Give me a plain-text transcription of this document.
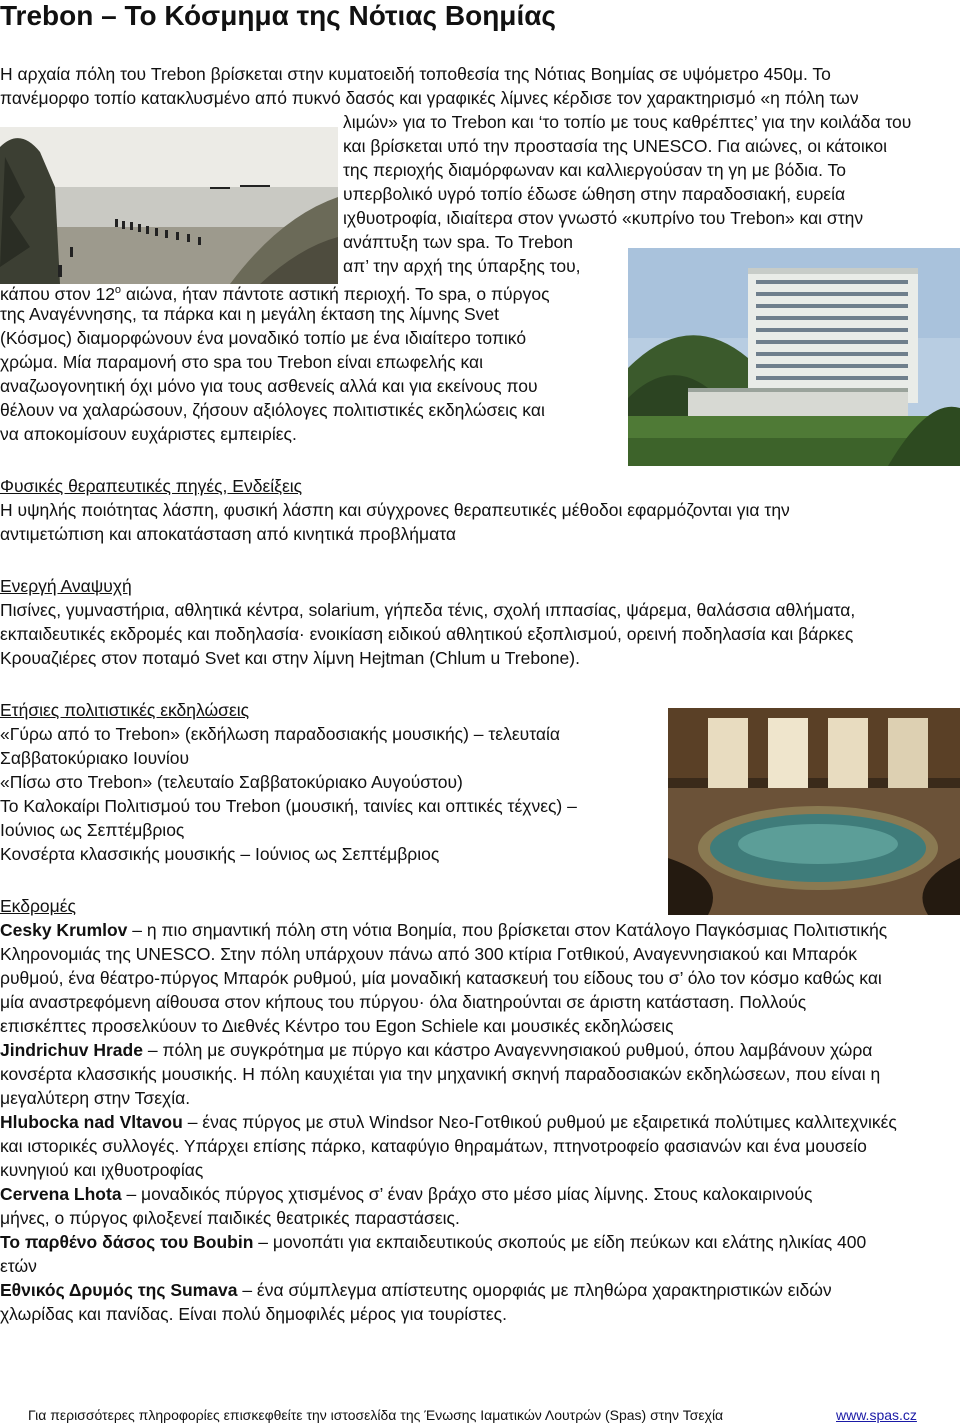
Trebon – Το Κόσμημα της Νότιας Βοημίας
Η αρχαία πόλη του Trebon βρίσκεται στην κυματοειδή τοποθεσία της Νότιας Βοημίας σε υψόμετρο 450μ. Το
πανέμορφο τοπίο κατακλυσμένο από πυκνό δασός και γραφικές λίμνες κέρδισε τον χαρακτηρισμό «η πόλη των
λιμών» για το Trebon και ‘το τοπίο με τους καθρέπτες’ για την κοιλάδα του
και βρίσκεται υπό την προστασία της UNESCO. Για αιώνες, οι κάτοικοι
της περιοχής διαμόρφωναν και καλλιεργούσαν τη γη με βόδια. Το
υπερβολικό υγρό τοπίο έδωσε ώθηση στην παραδοσιακή, ευρεία
ιχθυοτροφία, ιδιαίτερα στον γνωστό «κυπρίνο του Trebon» και στην
ανάπτυξη των spa. Το Trebon
απ’ την αρχή της ύπαρξης του,
κάπου στον $12^o$ αιώνα, ήταν πάντοτε αστική περιοχή. Το spa, ο πύργος
της Αναγέννησης, τα πάρκα και η μεγάλη έκταση της λίμνης Svet
(Κόσμος) διαμορφώνουν ένα μοναδικό τοπίο με ένα ιδιαίτερο τοπικό
χρώμα. Μία παραμονή στο spa του Trebon είναι επωφελής και
αναζωογονητική όχι μόνο για τους ασθενείς αλλά και για εκείνους που
θέλουν να χαλαρώσουν, ζήσουν αξιόλογες πολιτιστικές εκδηλώσεις και
να αποκομίσουν ευχάριστες εμπειρίες.
Φυσικές θεραπευτικές πηγές, Ενδείξεις
Η υψηλής ποιότητας λάσπη, φυσική λάσπη και σύγχρονες θεραπευτικές μέθοδοι εφαρμόζονται για την
αντιμετώπιση και αποκατάσταση από κινητικά προβλήματα
Ενεργή Αναψυχή
Πισίνες, γυμναστήρια, αθλητικά κέντρα, solarium, γήπεδα τένις, σχολή ιππασίας, ψάρεμα, θαλάσσια αθλήματα,
εκπαιδευτικές εκδρομές και ποδηλασία· ενοικίαση ειδικού αθλητικού εξοπλισμού, ορεινή ποδηλασία και βάρκες
Κρουαζιέρες στον ποταμό Svet και στην λίμνη Hejtman (Chlum u Trebone).
Ετήσιες πολιτιστικές εκδηλώσεις
«Γύρω από το Trebon» (εκδήλωση παραδοσιακής μουσικής) – τελευταία
Σαββατοκύριακο Ιουνίου
«Πίσω στο Trebon» (τελευταίο Σαββατοκύριακο Αυγούστου)
Το Καλοκαίρι Πολιτισμού του Trebon (μουσική, ταινίες και οπτικές τέχνες) –
Ιούνιος ως Σεπτέμβριος
Κονσέρτα κλασσικής μουσικής – Ιούνιος ως Σεπτέμβριος
Εκδρομές
Cesky Krumlov – η πιο σημαντική πόλη στη νότια Βοημία, που βρίσκεται στον Κατάλογο Παγκόσμιας Πολιτιστικής
Κληρονομιάς της UNESCO. Στην πόλη υπάρχουν πάνω από 300 κτίρια Γοτθικού, Αναγεννησιακού και Μπαρόκ
ρυθμού, ένα θέατρο-πύργος Μπαρόκ ρυθμού, μία μοναδική κατασκευή του είδους του σ’ όλο τον κόσμο καθώς και
μία αναστρεφόμενη αίθουσα στον κήπους του πύργου· όλα διατηρούνται σε άριστη κατάσταση. Πολλούς
επισκέπτες προσελκύουν το Διεθνές Κέντρο του Egon Schiele και μουσικές εκδηλώσεις
Jindrichuv Hrade – πόλη με συγκρότημα με πύργο και κάστρο Αναγεννησιακού ρυθμού, όπου λαμβάνουν χώρα
κονσέρτα κλασσικής μουσικής. Η πόλη καυχιέται για την μηχανική σκηνή παραδοσιακών εκδηλώσεων, που είναι η
μεγαλύτερη στην Τσεχία.
Hlubocka nad Vltavou – ένας πύργος με στυλ Windsor Νεο-Γοτθικού ρυθμού με εξαιρετικά πολύτιμες καλλιτεχνικές
και ιστορικές συλλογές. Υπάρχει επίσης πάρκο, καταφύγιο θηραμάτων, πτηνοτροφείο φασιανών και ένα μουσείο
κυνηγιού και ιχθυοτροφίας
Cervena Lhota – μοναδικός πύργος χτισμένος σ’ έναν βράχο στο μέσο μίας λίμνης. Στους καλοκαιρινούς
μήνες, ο πύργος φιλοξενεί παιδικές θεατρικές παραστάσεις.
Το παρθένο δάσος του Boubin – μονοπάτι για εκπαιδευτικούς σκοπούς με είδη πεύκων και ελάτης ηλικίας 400
ετών
Εθνικός Δρυμός της Sumava – ένα σύμπλεγμα απίστευτης ομορφιάς με πληθώρα χαρακτηριστικών ειδών
χλωρίδας και πανίδας. Είναι πολύ δημοφιλές μέρος για τουρίστες.
Για περισσότερες πληροφορίες επισκεφθείτε την ιστοσελίδα της Ένωσης Ιαματικών Λουτρών (Spas) στην Τσεχία	www.spas.cz
